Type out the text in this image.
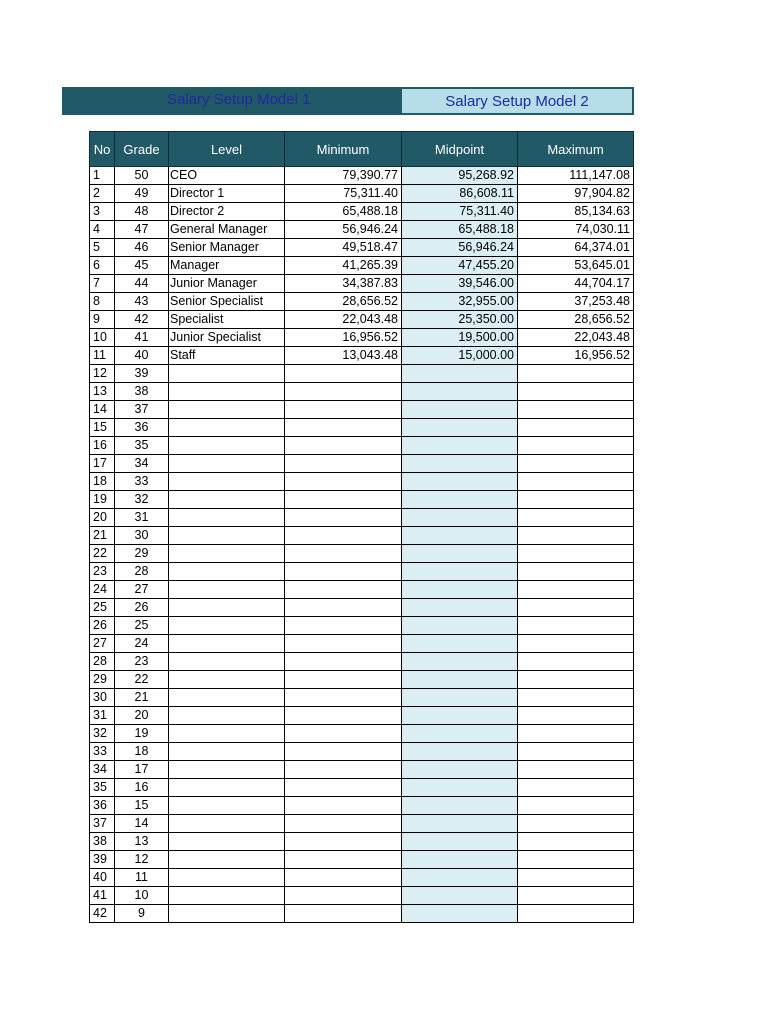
Salary Setup Model 1	Salary Setup Model 2
No	Grade	Level	Minimum	Midpoint	Maximum
1	50	CEO	79,390.77	95,268.92	111,147.08
2	49	Director 1	75,311.40	86,608.11	97,904.82
3	48	Director 2	65,488.18	75,311.40	85,134.63
4	47	General Manager	56,946.24	65,488.18	74,030.11
5	46	Senior Manager	49,518.47	56,946.24	64,374.01
6	45	Manager	41,265.39	47,455.20	53,645.01
7	44	Junior Manager	34,387.83	39,546.00	44,704.17
8	43	Senior Specialist	28,656.52	32,955.00	37,253.48
9	42	Specialist	22,043.48	25,350.00	28,656.52
10	41	Junior Specialist	16,956.52	19,500.00	22,043.48
11	40	Staff	13,043.48	15,000.00	16,956.52
12	39				
13	38				
14	37				
15	36				
16	35				
17	34				
18	33				
19	32				
20	31				
21	30				
22	29				
23	28				
24	27				
25	26				
26	25				
27	24				
28	23				
29	22				
30	21				
31	20				
32	19				
33	18				
34	17				
35	16				
36	15				
37	14				
38	13				
39	12				
40	11				
41	10				
42	9				
